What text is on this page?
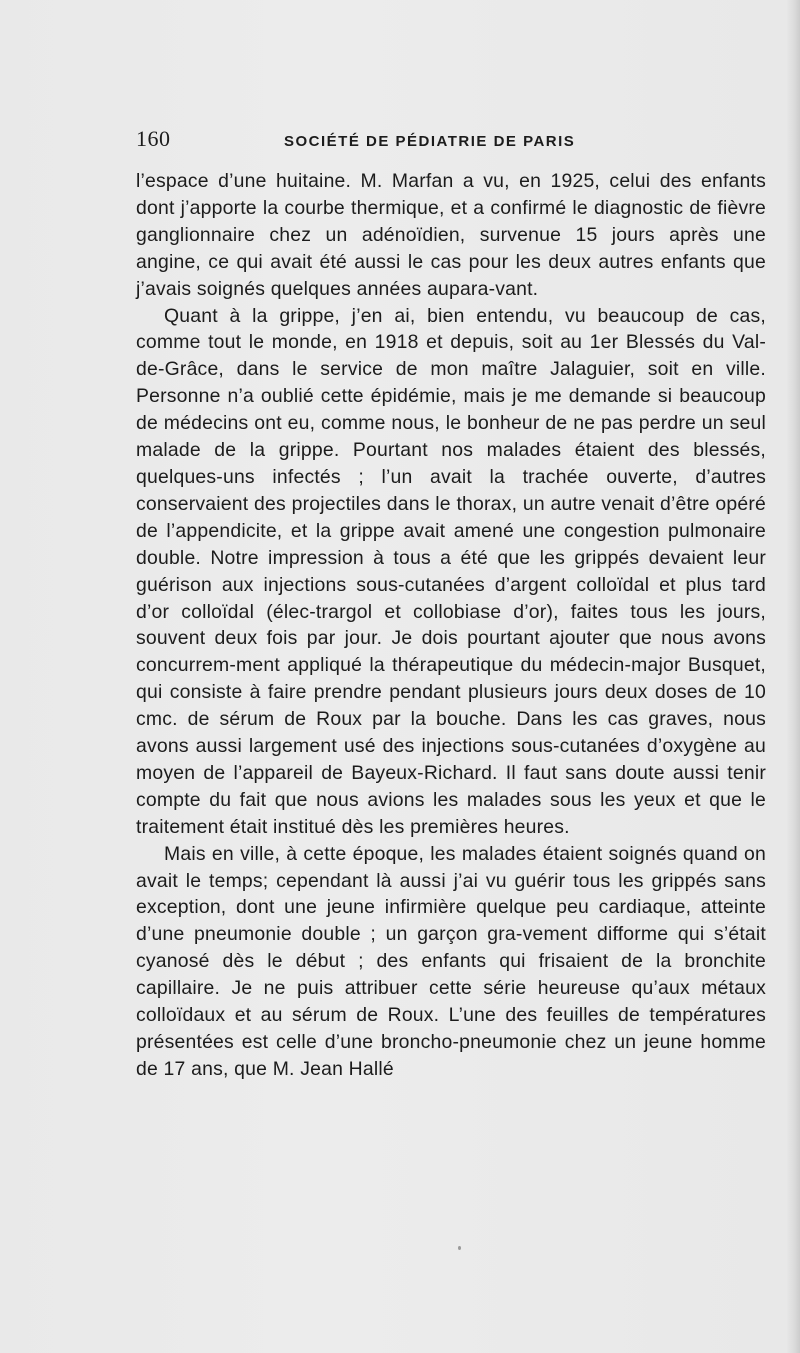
160	SOCIÉTÉ DE PÉDIATRIE DE PARIS

l’espace d’une huitaine. M. Marfan a vu, en 1925, celui des enfants dont j’apporte la courbe thermique, et a confirmé le diagnostic de fièvre ganglionnaire chez un adénoïdien, survenue 15 jours après une angine, ce qui avait été aussi le cas pour les deux autres enfants que j’avais soignés quelques années aupara-vant.

Quant à la grippe, j’en ai, bien entendu, vu beaucoup de cas, comme tout le monde, en 1918 et depuis, soit au 1er Blessés du Val-de-Grâce, dans le service de mon maître Jalaguier, soit en ville. Personne n’a oublié cette épidémie, mais je me demande si beaucoup de médecins ont eu, comme nous, le bonheur de ne pas perdre un seul malade de la grippe. Pourtant nos malades étaient des blessés, quelques-uns infectés ; l’un avait la trachée ouverte, d’autres conservaient des projectiles dans le thorax, un autre venait d’être opéré de l’appendicite, et la grippe avait amené une congestion pulmonaire double. Notre impression à tous a été que les grippés devaient leur guérison aux injections sous-cutanées d’argent colloïdal et plus tard d’or colloïdal (élec-trargol et collobiase d’or), faites tous les jours, souvent deux fois par jour. Je dois pourtant ajouter que nous avons concurrem-ment appliqué la thérapeutique du médecin-major Busquet, qui consiste à faire prendre pendant plusieurs jours deux doses de 10 cmc. de sérum de Roux par la bouche. Dans les cas graves, nous avons aussi largement usé des injections sous-cutanées d’oxygène au moyen de l’appareil de Bayeux-Richard. Il faut sans doute aussi tenir compte du fait que nous avions les malades sous les yeux et que le traitement était institué dès les premières heures.

Mais en ville, à cette époque, les malades étaient soignés quand on avait le temps; cependant là aussi j’ai vu guérir tous les grippés sans exception, dont une jeune infirmière quelque peu cardiaque, atteinte d’une pneumonie double ; un garçon gra-vement difforme qui s’était cyanosé dès le début ; des enfants qui frisaient de la bronchite capillaire. Je ne puis attribuer cette série heureuse qu’aux métaux colloïdaux et au sérum de Roux. L’une des feuilles de températures présentées est celle d’une broncho-pneumonie chez un jeune homme de 17 ans, que M. Jean Hallé
